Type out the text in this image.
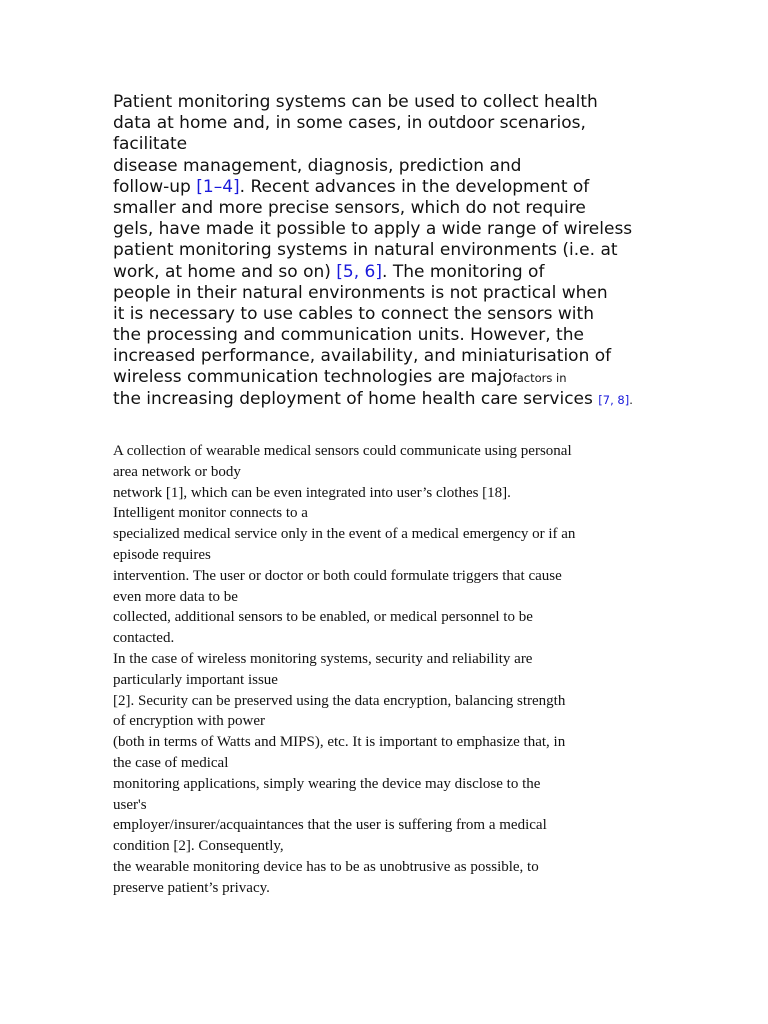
Patient monitoring systems can be used to collect health
data at home and, in some cases, in outdoor scenarios,
facilitate
disease management, diagnosis, prediction and
follow-up [1–4]. Recent advances in the development of
smaller and more precise sensors, which do not require
gels, have made it possible to apply a wide range of wireless
patient monitoring systems in natural environments (i.e. at
work, at home and so on) [5, 6]. The monitoring of
people in their natural environments is not practical when
it is necessary to use cables to connect the sensors with
the processing and communication units. However, the
increased performance, availability, and miniaturisation of
wireless communication technologies are majofactors in
the increasing deployment of home health care services [7, 8].
A collection of wearable medical sensors could communicate using personal
area network or body
network [1], which can be even integrated into user’s clothes [18].
Intelligent monitor connects to a
specialized medical service only in the event of a medical emergency or if an
episode requires
intervention. The user or doctor or both could formulate triggers that cause
even more data to be
collected, additional sensors to be enabled, or medical personnel to be
contacted.
In the case of wireless monitoring systems, security and reliability are
particularly important issue
[2]. Security can be preserved using the data encryption, balancing strength
of encryption with power
(both in terms of Watts and MIPS), etc. It is important to emphasize that, in
the case of medical
monitoring applications, simply wearing the device may disclose to the
user's
employer/insurer/acquaintances that the user is suffering from a medical
condition [2]. Consequently,
the wearable monitoring device has to be as unobtrusive as possible, to
preserve patient’s privacy.
